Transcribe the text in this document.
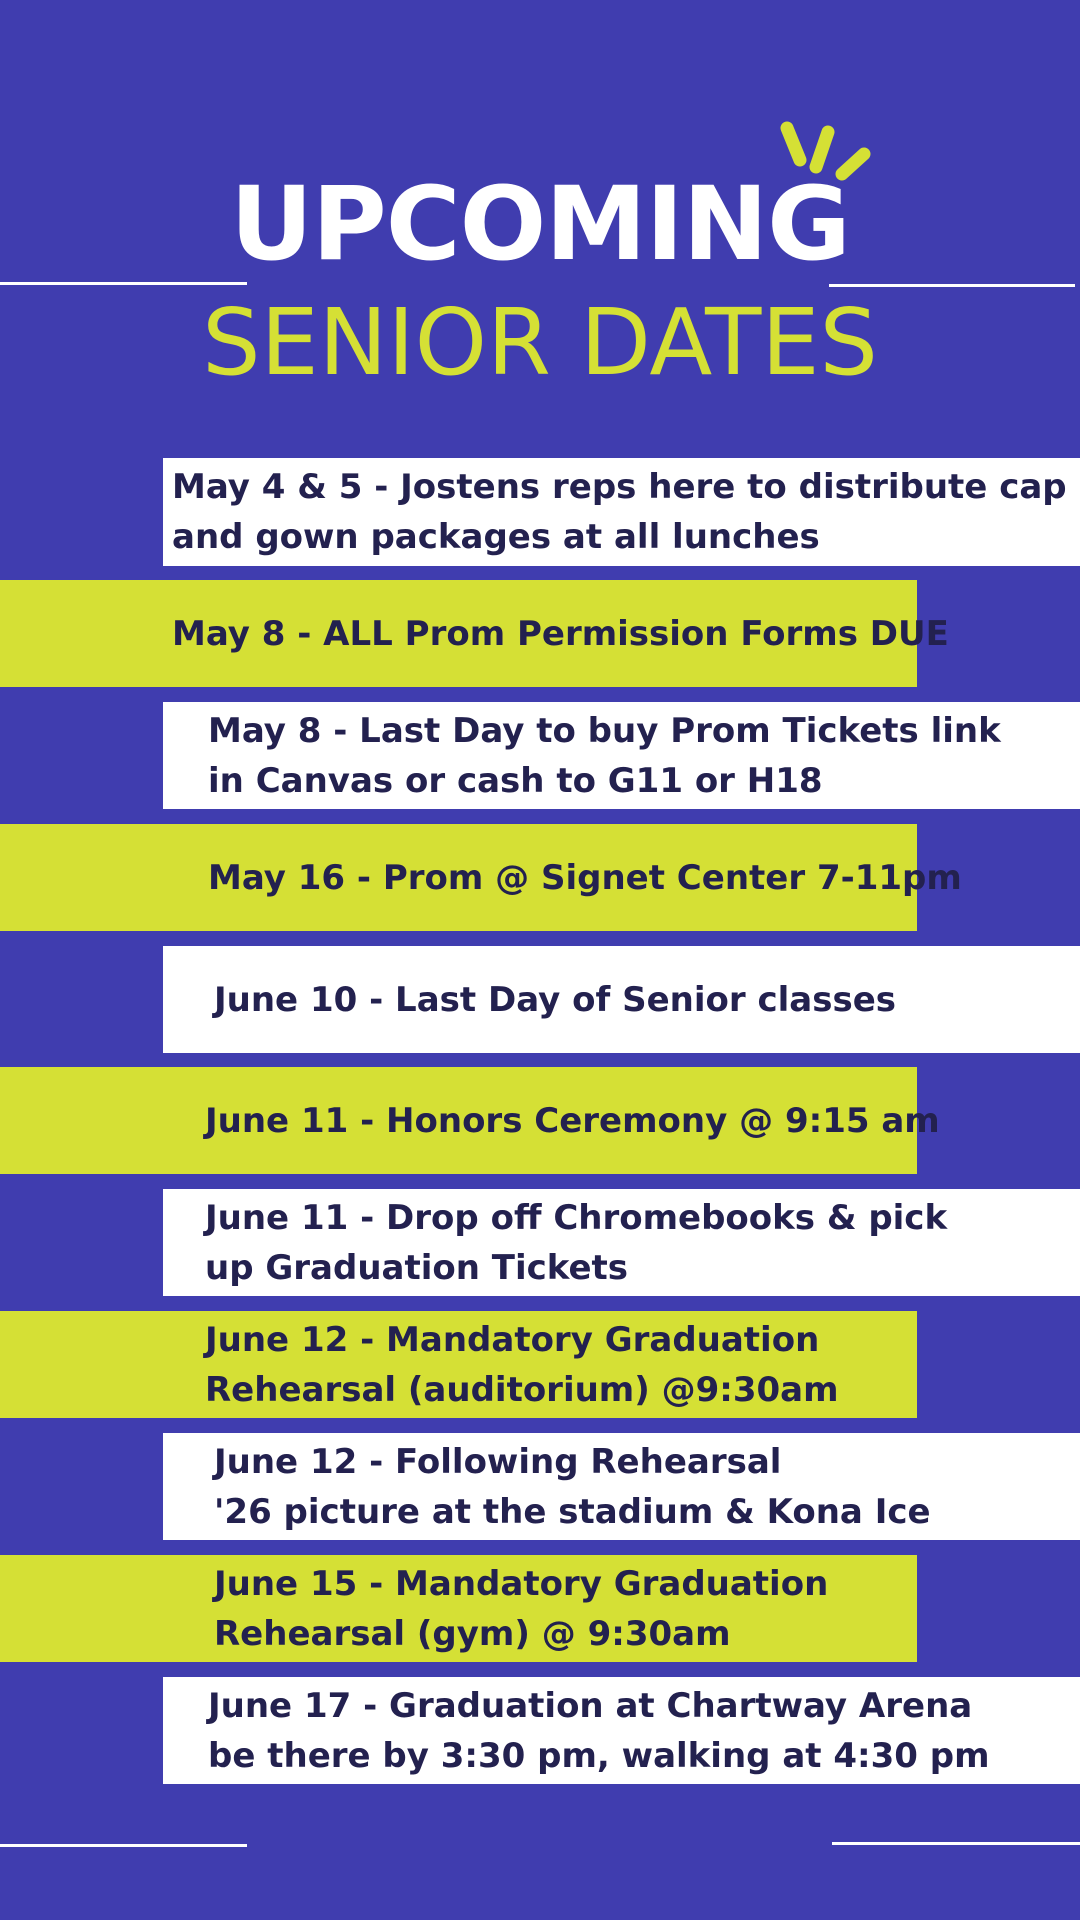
UPCOMING
SENIOR DATES
May 4 & 5 - Jostens reps here to distribute cap
and gown packages at all lunches
May 8 - ALL Prom Permission Forms DUE
May 8 - Last Day to buy Prom Tickets link
in Canvas or cash to G11 or H18
May 16 - Prom @ Signet Center 7-11pm
June 10 - Last Day of Senior classes
June 11 - Honors Ceremony @ 9:15 am
June 11 - Drop off Chromebooks & pick
up Graduation Tickets
June 12 - Mandatory Graduation
Rehearsal (auditorium) @9:30am
June 12 - Following Rehearsal
'26 picture at the stadium & Kona Ice
June 15 - Mandatory Graduation
Rehearsal (gym) @ 9:30am
June 17 - Graduation at Chartway Arena
be there by 3:30 pm, walking at 4:30 pm
